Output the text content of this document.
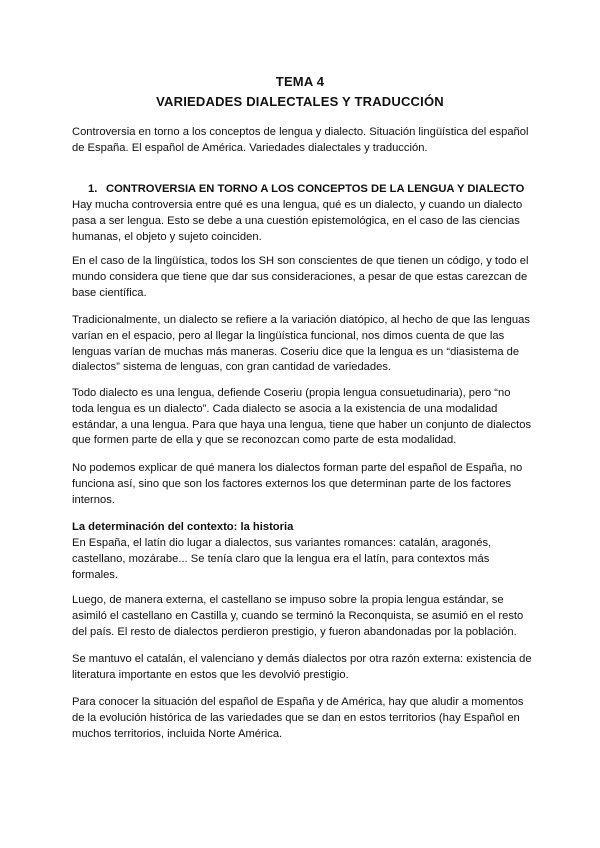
TEMA 4
VARIEDADES DIALECTALES Y TRADUCCIÓN

Controversia en torno a los conceptos de lengua y dialecto. Situación lingüística del español de España. El español de América. Variedades dialectales y traducción.

1. CONTROVERSIA EN TORNO A LOS CONCEPTOS DE LA LENGUA Y DIALECTO

Hay mucha controversia entre qué es una lengua, qué es un dialecto, y cuando un dialecto pasa a ser lengua. Esto se debe a una cuestión epistemológica, en el caso de las ciencias humanas, el objeto y sujeto coinciden.

En el caso de la lingüística, todos los SH son conscientes de que tienen un código, y todo el mundo considera que tiene que dar sus consideraciones, a pesar de que estas carezcan de base científica.

Tradicionalmente, un dialecto se refiere a la variación diatópico, al hecho de que las lenguas varían en el espacio, pero al llegar la lingüística funcional, nos dimos cuenta de que las lenguas varían de muchas más maneras. Coseriu dice que la lengua es un “diasistema de dialectos” sistema de lenguas, con gran cantidad de variedades.

Todo dialecto es una lengua, defiende Coseriu (propia lengua consuetudinaria), pero “no toda lengua es un dialecto”. Cada dialecto se asocia a la existencia de una modalidad estándar, a una lengua. Para que haya una lengua, tiene que haber un conjunto de dialectos que formen parte de ella y que se reconozcan como parte de esta modalidad.

No podemos explicar de qué manera los dialectos forman parte del español de España, no funciona así, sino que son los factores externos los que determinan parte de los factores internos.

La determinación del contexto: la historia

En España, el latín dio lugar a dialectos, sus variantes romances: catalán, aragonés, castellano, mozárabe... Se tenía claro que la lengua era el latín, para contextos más formales.

Luego, de manera externa, el castellano se impuso sobre la propia lengua estándar, se asimiló el castellano en Castilla y, cuando se terminó la Reconquista, se asumió en el resto del país. El resto de dialectos perdieron prestigio, y fueron abandonadas por la población.

Se mantuvo el catalán, el valenciano y demás dialectos por otra razón externa: existencia de literatura importante en estos que les devolvió prestigio.

Para conocer la situación del español de España y de América, hay que aludir a momentos de la evolución histórica de las variedades que se dan en estos territorios (hay Español en muchos territorios, incluida Norte América.
